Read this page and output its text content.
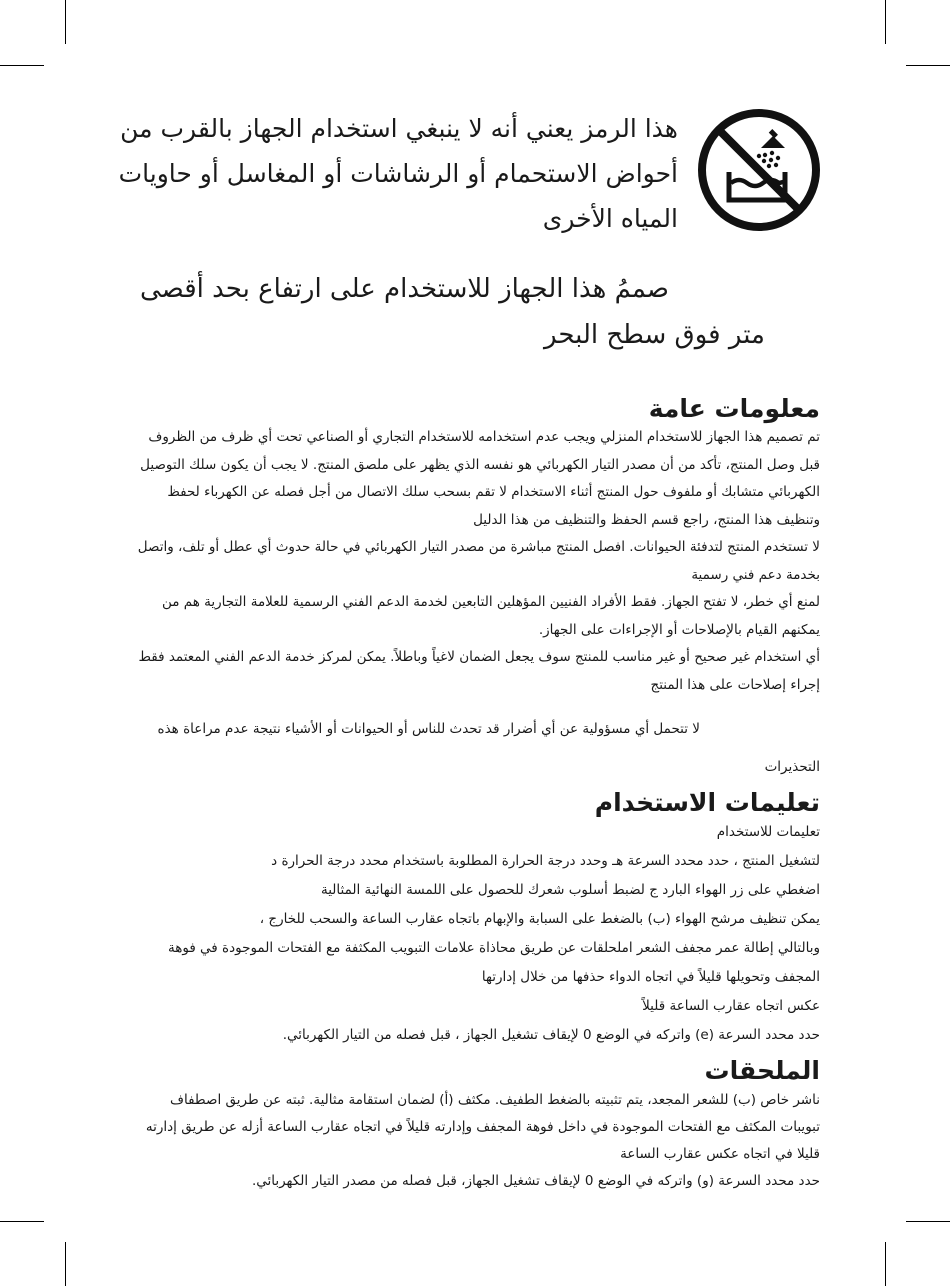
هذا الرمز يعني أنه لا ينبغي استخدام الجهاز بالقرب من
أحواض الاستحمام أو الرشاشات أو المغاسل أو حاويات
المياه الأخرى
ىصقأ دحب عافترا ىلع مادختسالل زاهجلا اذه مُمص
رحبلا حطس قوف رتم
معلومات عامة
تم تصميم هذا الجهاز للاستخدام المنزلي ويجب عدم استخدامه للاستخدام التجاري أو الصناعي تحت أي ظرف من الظروف
قبل وصل المنتج، تأكد من أن مصدر التيار الكهربائي هو نفسه الذي يظهر على ملصق المنتج. لا يجب أن يكون سلك التوصيل
الكهربائي متشابك أو ملفوف حول المنتج أثناء الاستخدام لا تقم بسحب سلك الاتصال من أجل فصله عن الكهرباء لحفظ
وتنظيف هذا المنتج، راجع قسم الحفظ والتنظيف من هذا الدليل
لا تستخدم المنتج لتدفئة الحيوانات. افصل المنتج مباشرة من مصدر التيار الكهربائي في حالة حدوث أي عطل أو تلف، واتصل
بخدمة دعم فني رسمية
لمنع أي خطر، لا تفتح الجهاز. فقط الأفراد الفنيين المؤهلين التابعين لخدمة الدعم الفني الرسمية للعلامة التجارية هم من
يمكنهم القيام بالإصلاحات أو الإجراءات على الجهاز.
أي استخدام غير صحيح أو غير مناسب للمنتج سوف يجعل الضمان لاغياً وباطلاً. يمكن لمركز خدمة الدعم الفني المعتمد فقط
إجراء إصلاحات على هذا المنتج
لا تتحمل أي مسؤولية عن أي أضرار قد تحدث للناس أو الحيوانات أو الأشياء نتيجة عدم مراعاة هذه
التحذيرات
تعليمات الاستخدام
تعليمات للاستخدام
لتشغيل المنتج ، حدد محدد السرعة هـ وحدد درجة الحرارة المطلوبة باستخدام محدد درجة الحرارة د
اضغطي على زر الهواء البارد ج لضبط أسلوب شعرك للحصول على اللمسة النهائية المثالية
يمكن تنظيف مرشح الهواء (ب) بالضغط على السبابة والإبهام باتجاه عقارب الساعة والسحب للخارج ،
وبالتالي إطالة عمر مجفف الشعر املحلقات عن طريق محاذاة علامات التبويب المكثفة مع الفتحات الموجودة في فوهة
المجفف وتحويلها قليلاً في اتجاه الدواء حذفها من خلال إدارتها
عكس اتجاه عقارب الساعة قليلاً
حدد محدد السرعة (e) واتركه في الوضع 0 لإيقاف تشغيل الجهاز ، قبل فصله من التيار الكهربائي.
الملحقات
ناشر خاص (ب) للشعر المجعد، يتم تثبيته بالضغط الطفيف. مكثف (أ) لضمان استقامة مثالية. ثبته عن طريق اصطفاف
تبويبات المكثف مع الفتحات الموجودة في داخل فوهة المجفف وإدارته قليلاً في اتجاه عقارب الساعة أزله عن طريق إدارته
قليلا في اتجاه عكس عقارب الساعة
حدد محدد السرعة (و) واتركه في الوضع 0 لإيقاف تشغيل الجهاز، قبل فصله من مصدر التيار الكهربائي.
